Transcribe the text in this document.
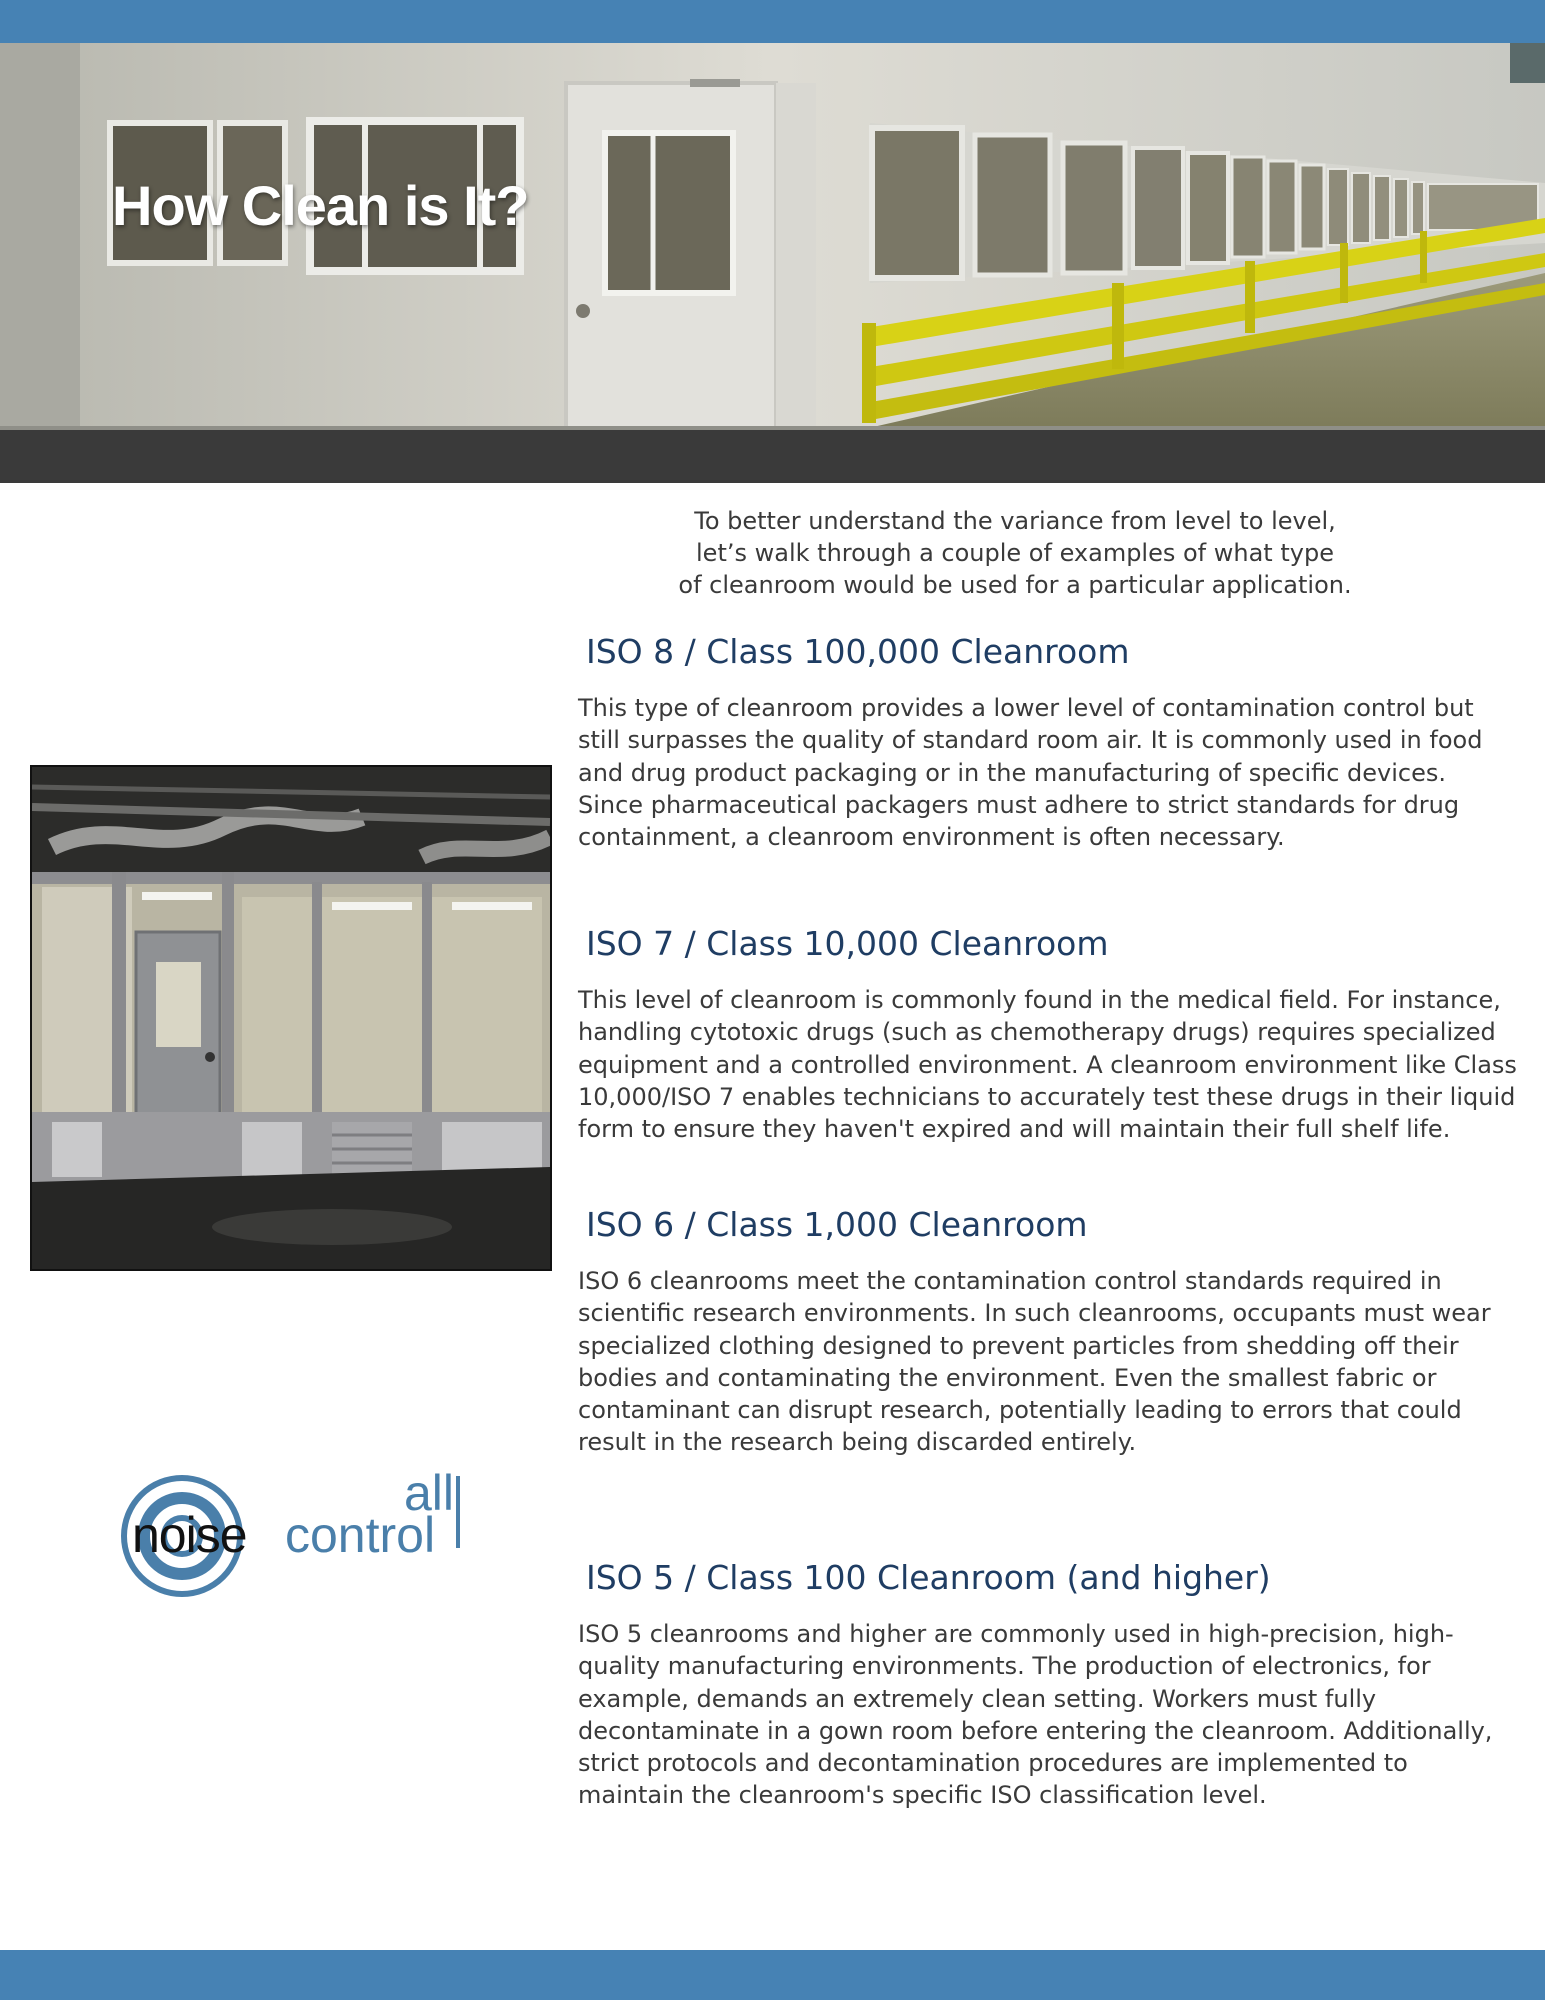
How Clean is It?
To better understand the variance from level to level,
let’s walk through a couple of examples of what type
of cleanroom would be used for a particular application.
ISO 8 / Class 100,000 Cleanroom

This type of cleanroom provides a lower level of contamination control but still surpasses the quality of standard room air. It is commonly used in food and drug product packaging or in the manufacturing of specific devices. Since pharmaceutical packagers must adhere to strict standards for drug containment, a cleanroom environment is often necessary.

ISO 7 / Class 10,000 Cleanroom

This level of cleanroom is commonly found in the medical field. For instance, handling cytotoxic drugs (such as chemotherapy drugs) requires specialized equipment and a controlled environment. A cleanroom environment like Class 10,000/ISO 7 enables technicians to accurately test these drugs in their liquid form to ensure they haven't expired and will maintain their full shelf life.

ISO 6 / Class 1,000 Cleanroom

ISO 6 cleanrooms meet the contamination control standards required in scientific research environments. In such cleanrooms, occupants must wear specialized clothing designed to prevent particles from shedding off their bodies and contaminating the environment. Even the smallest fabric or contaminant can disrupt research, potentially leading to errors that could result in the research being discarded entirely.

ISO 5 / Class 100 Cleanroom (and higher)

ISO 5 cleanrooms and higher are commonly used in high-precision, high-quality manufacturing environments. The production of electronics, for example, demands an extremely clean setting. Workers must fully decontaminate in a gown room before entering the cleanroom. Additionally, strict protocols and decontamination procedures are implemented to maintain the cleanroom's specific ISO classification level.

noise
all
control
